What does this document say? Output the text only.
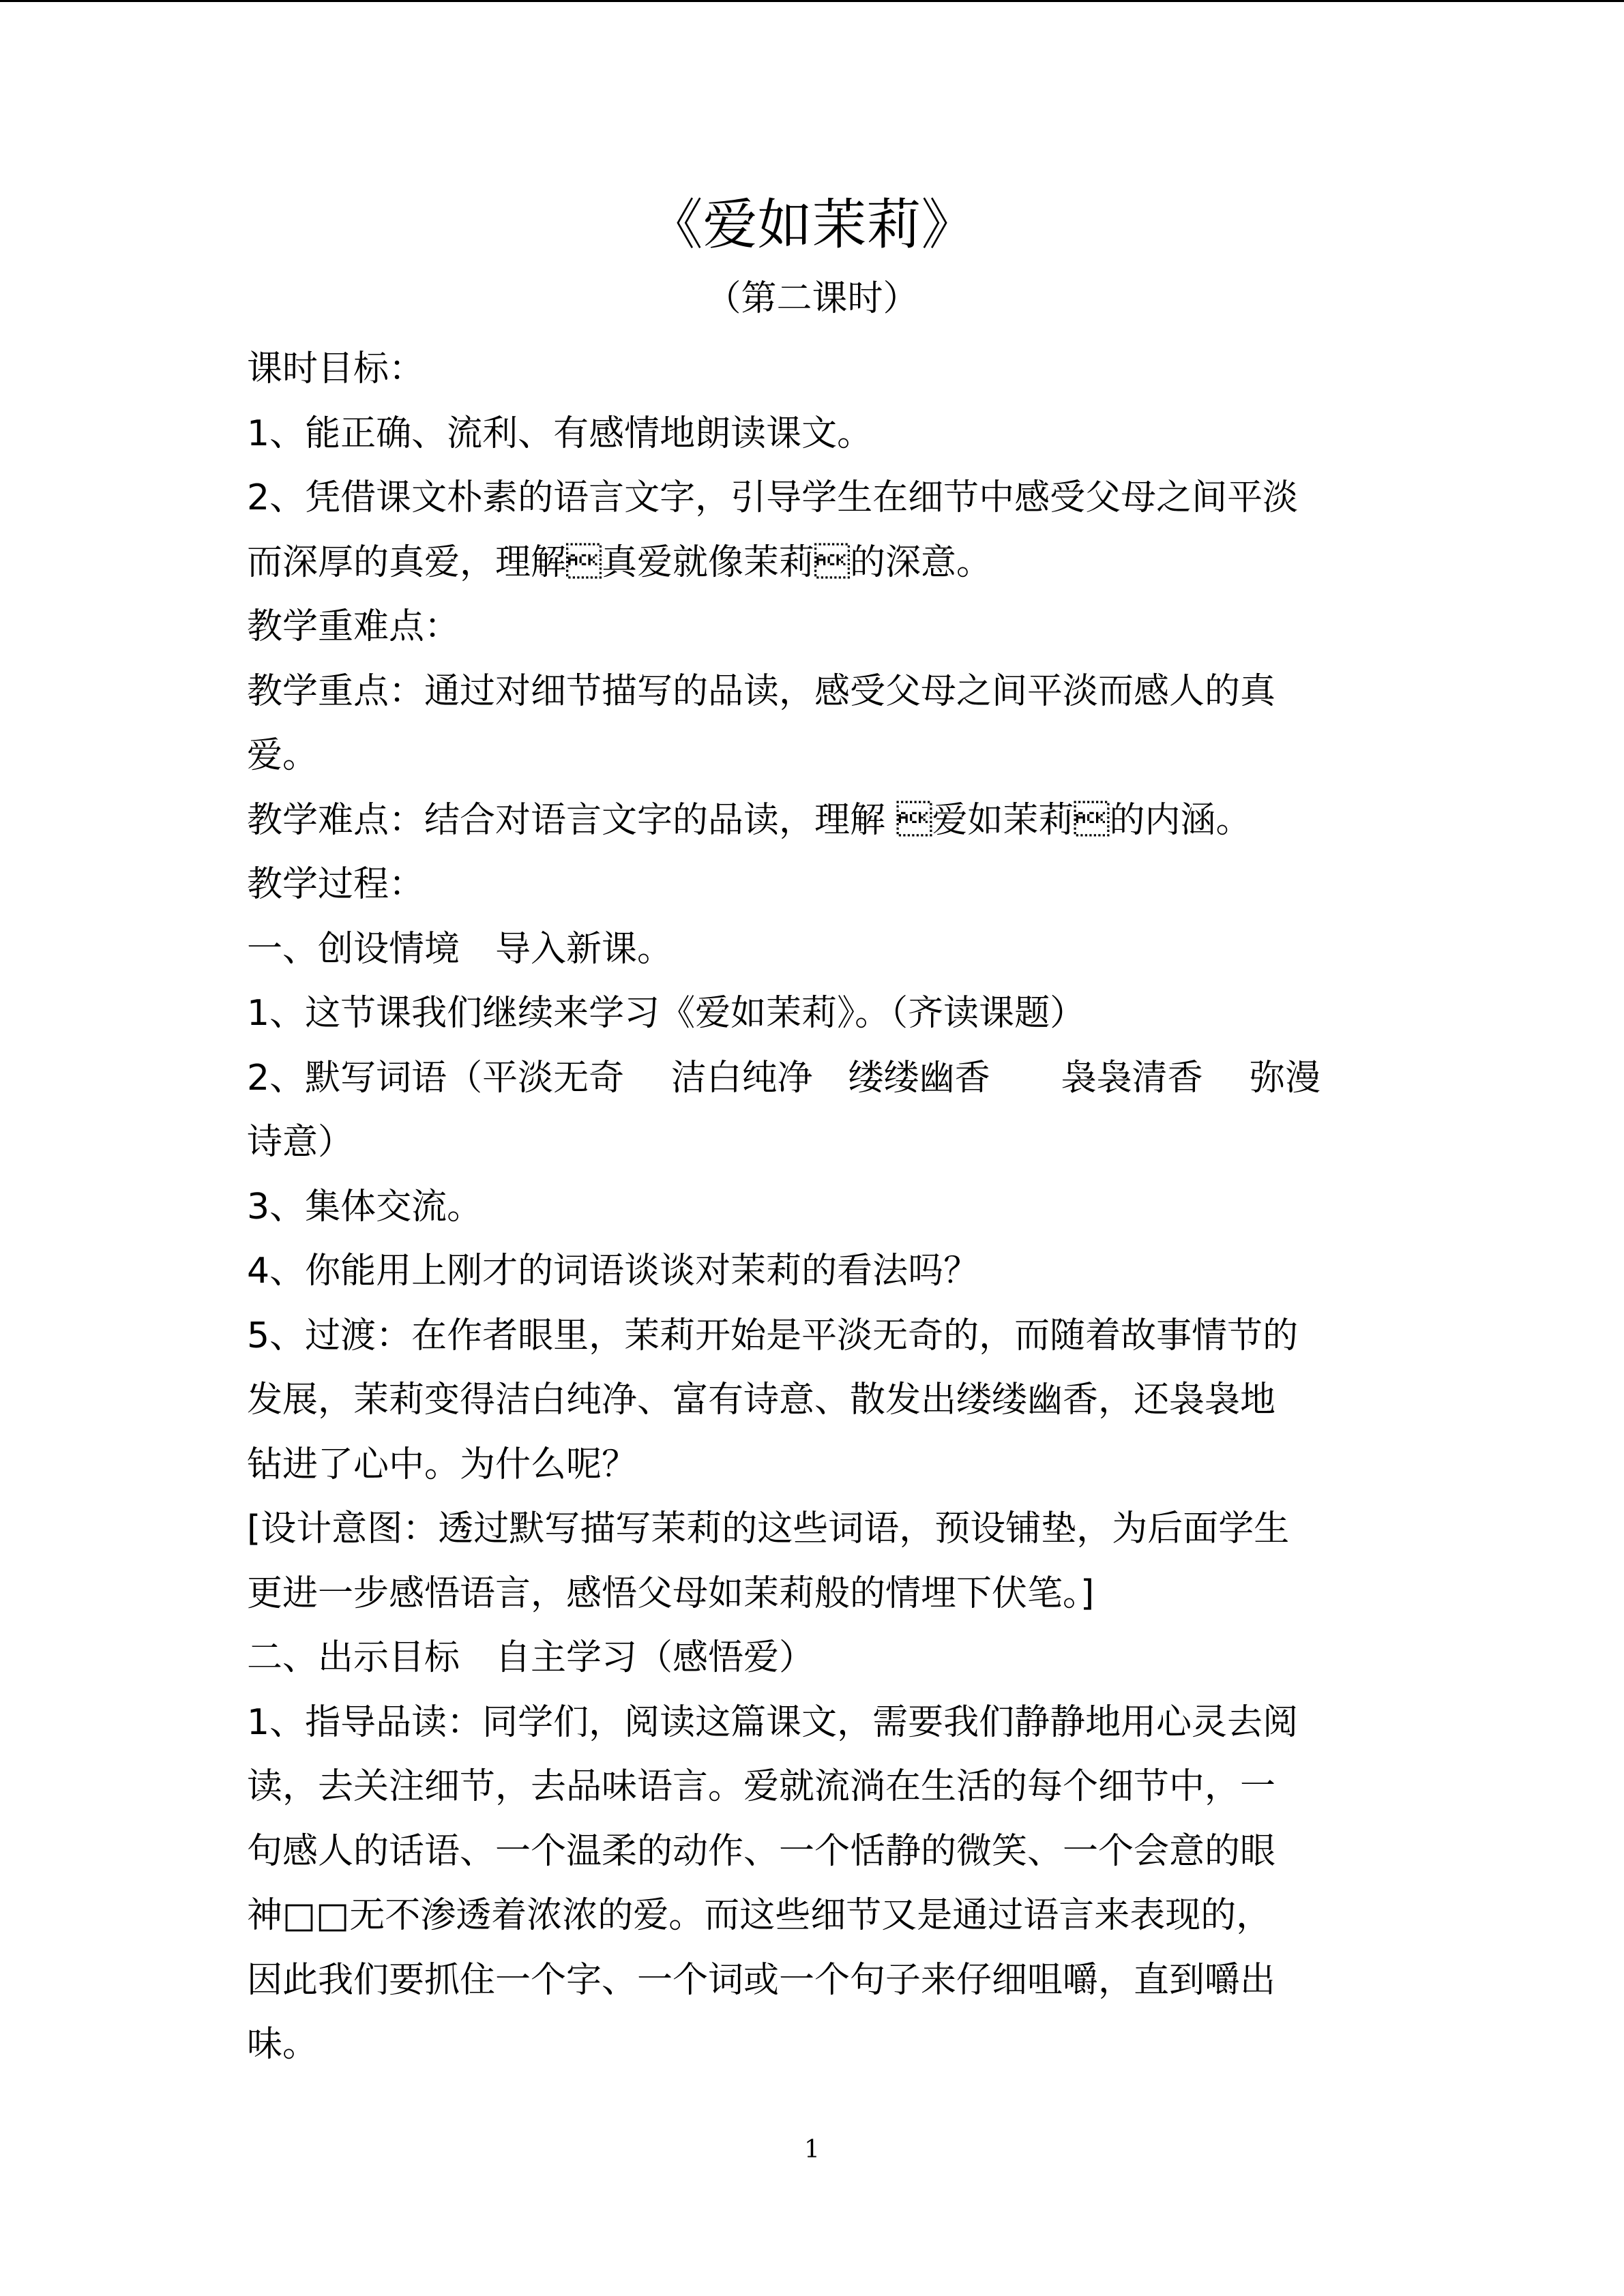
《爱如茉莉》
（第二课时）
课时目标：
1、能正确、流利、有感情地朗读课文。
2、凭借课文朴素的语言文字，引导学生在细节中感受父母之间平淡
而深厚的真爱，理解真爱就像茉莉的深意。
教学重难点：
教学重点：通过对细节描写的品读，感受父母之间平淡而感人的真
爱。
教学难点：结合对语言文字的品读，理解 爱如茉莉的内涵。
教学过程：
一、创设情境　导入新课。
1、这节课我们继续来学习《爱如茉莉》。（齐读课题）
2、默写词语（平淡无奇　 洁白纯净　缕缕幽香　　袅袅清香　 弥漫
诗意）
3、集体交流。
4、你能用上刚才的词语谈谈对茉莉的看法吗？
5、过渡：在作者眼里，茉莉开始是平淡无奇的，而随着故事情节的
发展，茉莉变得洁白纯净、富有诗意、散发出缕缕幽香，还袅袅地
钻进了心中。为什么呢？
[设计意图：透过默写描写茉莉的这些词语，预设铺垫，为后面学生
更进一步感悟语言，感悟父母如茉莉般的情埋下伏笔。]
二、出示目标　自主学习（感悟爱）
1、指导品读：同学们，阅读这篇课文，需要我们静静地用心灵去阅
读，去关注细节，去品味语言。爱就流淌在生活的每个细节中，一
句感人的话语、一个温柔的动作、一个恬静的微笑、一个会意的眼
神□□无不渗透着浓浓的爱。而这些细节又是通过语言来表现的，
因此我们要抓住一个字、一个词或一个句子来仔细咀嚼，直到嚼出
味。
1
